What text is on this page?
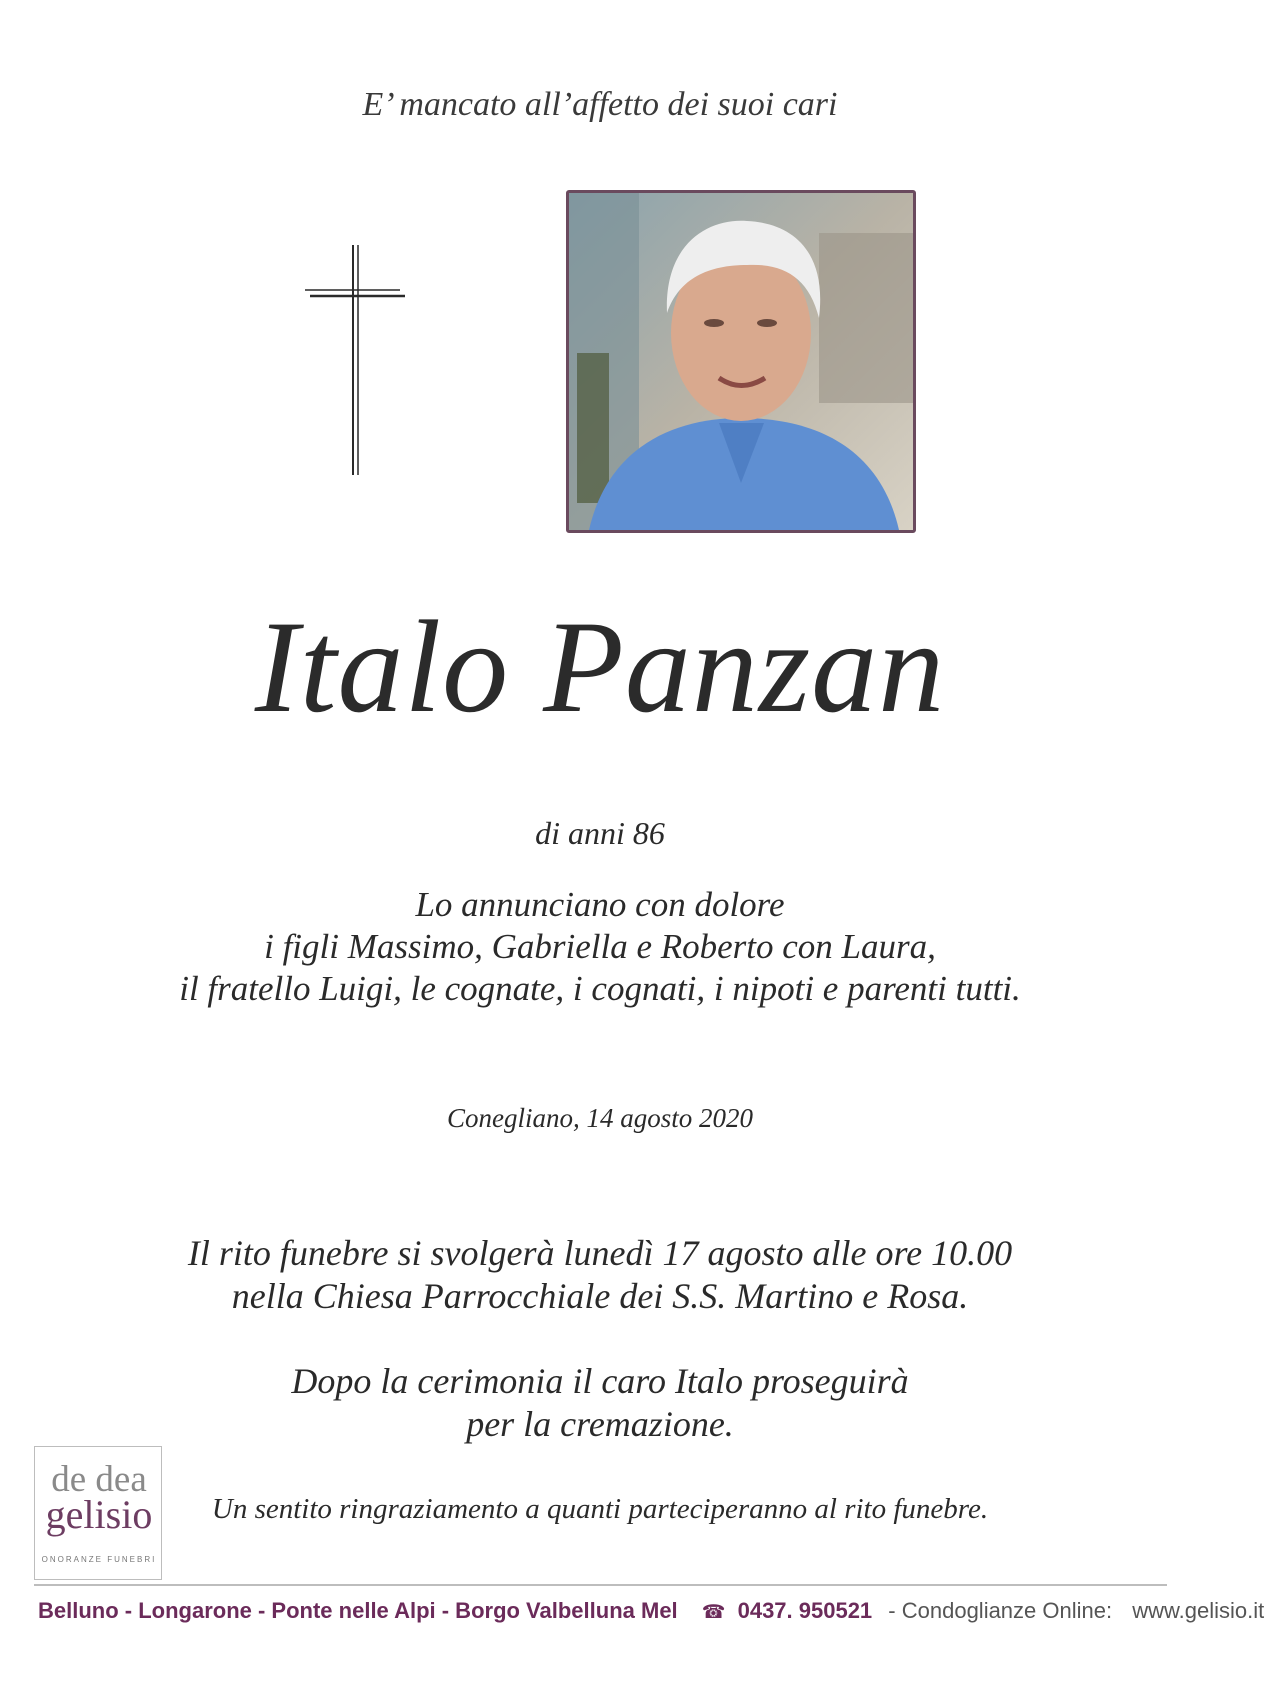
E’ mancato all’affetto dei suoi cari
Italo Panzan
di anni 86
Lo annunciano con dolore
i figli Massimo, Gabriella e Roberto con Laura,
il fratello Luigi, le cognate, i cognati, i nipoti e parenti tutti.
Conegliano, 14 agosto 2020
Il rito funebre si svolgerà lunedì 17 agosto alle ore 10.00
nella Chiesa Parrocchiale dei S.S. Martino e Rosa.
Dopo la cerimonia il caro Italo proseguirà
per la cremazione.
Un sentito ringraziamento a quanti parteciperanno al rito funebre.
de dea
gelisio
ONORANZE FUNEBRI
Belluno - Longarone - Ponte nelle Alpi - Borgo Valbelluna Mel ☎ 0437. 950521 - Condoglianze Online: www.gelisio.it
